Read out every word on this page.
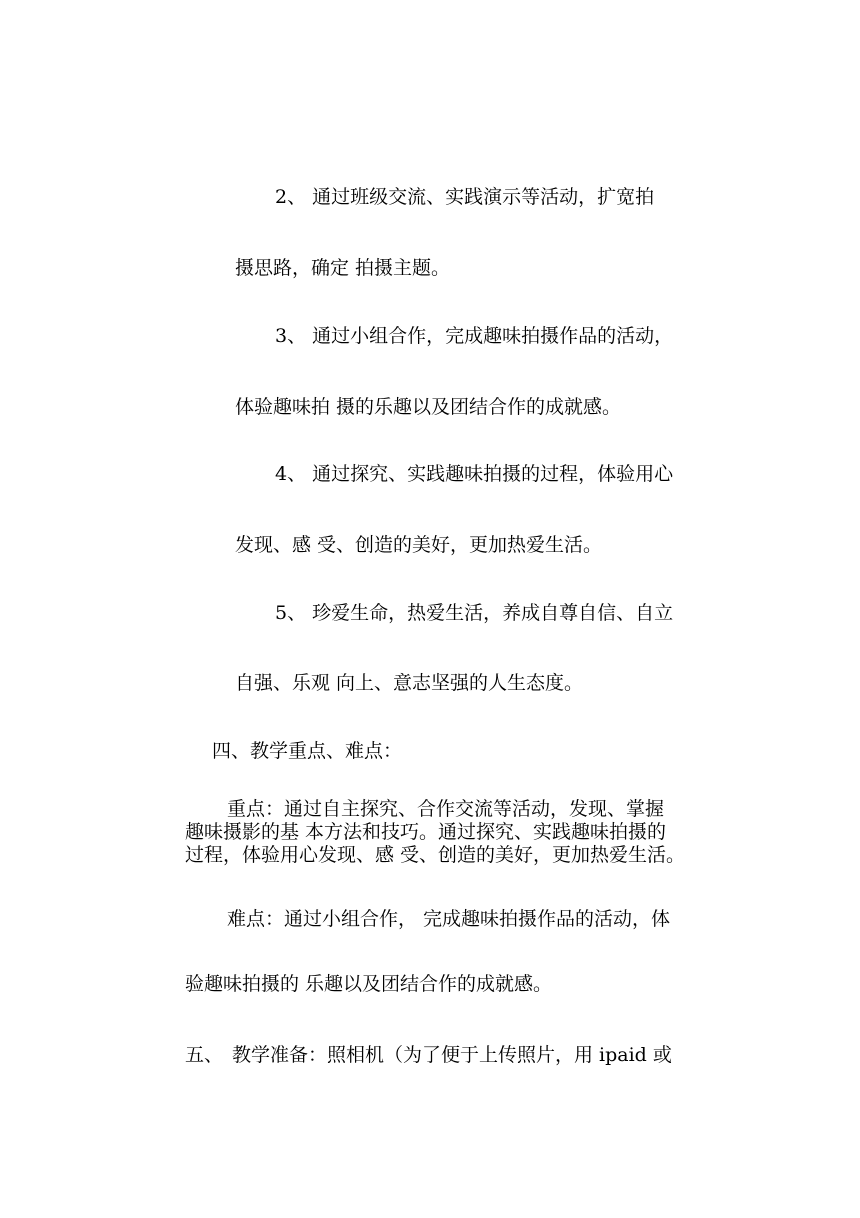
2、 通过班级交流、实践演示等活动，扩宽拍

摄思路，确定 拍摄主题。

3、 通过小组合作，完成趣味拍摄作品的活动，

体验趣味拍 摄的乐趣以及团结合作的成就感。

4、 通过探究、实践趣味拍摄的过程，体验用心

发现、感 受、创造的美好，更加热爱生活。

5、 珍爱生命，热爱生活，养成自尊自信、自立

自强、乐观 向上、意志坚强的人生态度。

四、教学重点、难点：

重点：通过自主探究、合作交流等活动，发现、掌握
趣味摄影的基 本方法和技巧。通过探究、实践趣味拍摄的
过程，体验用心发现、感 受、创造的美好，更加热爱生活。

难点：通过小组合作， 完成趣味拍摄作品的活动，体

验趣味拍摄的 乐趣以及团结合作的成就感。

五、 教学准备：照相机（为了便于上传照片，用 ipaid 或
